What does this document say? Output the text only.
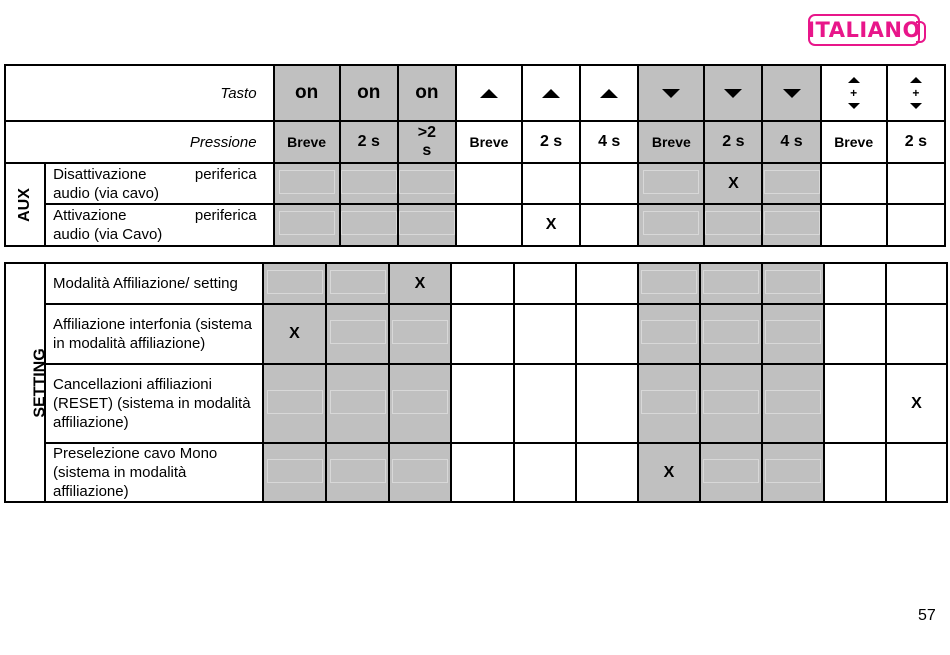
ITALIANO
Tasto		on	on	on							+	+

Pressione		Breve	2 s	>2 s	Breve	2 s	4 s	Breve	2 s	4 s	Breve	2 s
AUX	Disattivazione periferica
audio (via cavo)								X			

	Attivazione periferica
audio (via Cavo)					X						
SETTING	Modalità Affiliazione/ setting			X								
	Affiliazione interfonia (sistema in modalità affiliazione)	X										
	Cancellazioni affiliazioni (RESET) (sistema in modalità affiliazione)											X
	Preselezione cavo Mono (sistema in modalità affiliazione)							X				
57
